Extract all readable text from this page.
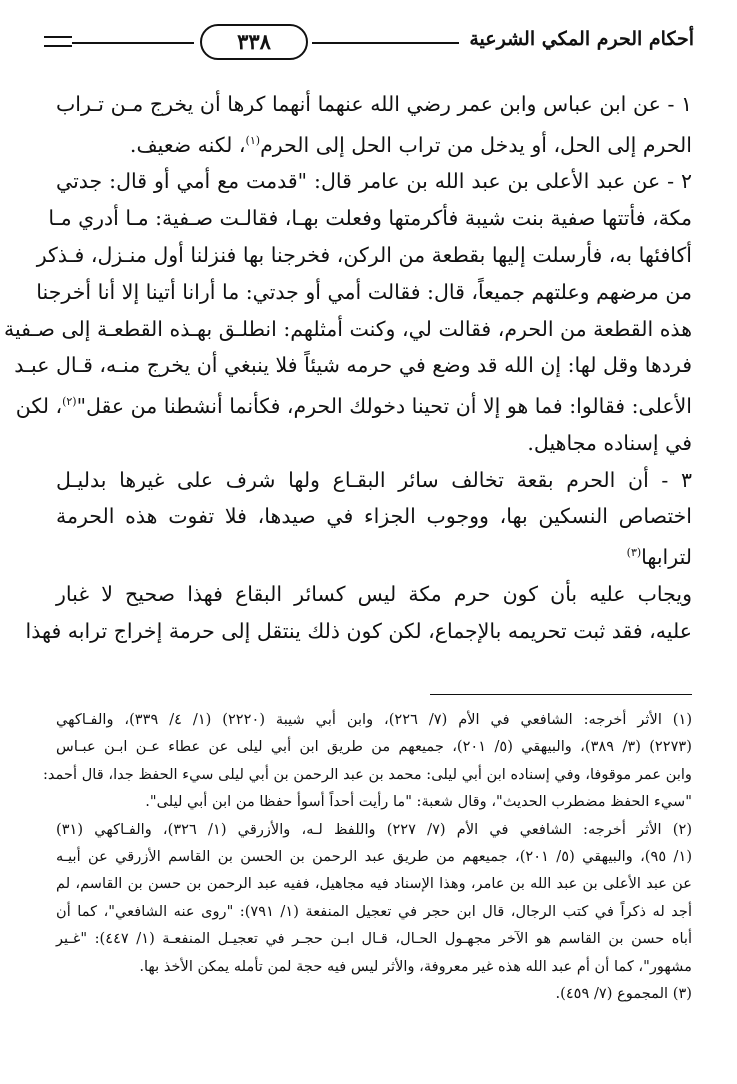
أحكام الحرم المكي الشرعية
٣٣٨
١ - عن ابن عباس وابن عمر رضي الله عنهما أنهما كرها أن يخرج مـن تـراب
الحرم إلى الحل، أو يدخل من تراب الحل إلى الحرم$^{(١)}$، لكنه ضعيف.
٢ - عن عبد الأعلى بن عبد الله بن عامر قال: "قدمت مع أمي أو قال: جدتي
مكة، فأتتها صفية بنت شيبة فأكرمتها وفعلت بهـا، فقالـت صـفية: مـا أدري مـا
أكافئها به، فأرسلت إليها بقطعة من الركن، فخرجنا بها فنزلنا أول منـزل، فـذكر
من مرضهم وعلتهم جميعاً، قال: فقالت أمي أو جدتي: ما أرانا أتينا إلا أنا أخرجنا
هذه القطعة من الحرم، فقالت لي، وكنت أمثلهم: انطلـق بهـذه القطعـة إلى صـفية
فردها وقل لها: إن الله قد وضع في حرمه شيئاً فلا ينبغي أن يخرج منـه، قـال عبـد
الأعلى: فقالوا: فما هو إلا أن تحينا دخولك الحرم، فكأنما أنشطنا من عقل"$^{(٢)}$، لكن
في إسناده مجاهيل.
٣ - أن الحرم بقعة تخالف سائر البقـاع ولها شرف على غيرها بدليـل
اختصاص النسكين بها، ووجوب الجزاء في صيدها، فلا تفوت هذه الحرمة
لترابها$^{(٣)}$
ويجاب عليه بأن كون حرم مكة ليس كسائر البقاع فهذا صحيح لا غبار
عليه، فقد ثبت تحريمه بالإجماع، لكن كون ذلك ينتقل إلى حرمة إخراج ترابه فهذا
(١) الأثر أخرجه: الشافعي في الأم (٧/ ٢٢٦)، وابن أبي شيبة (٢٢٢٠) (١/ ٤/ ٣٣٩)، والفـاكهي
(٢٢٧٣) (٣/ ٣٨٩)، والبيهقي (٥/ ٢٠١)، جميعهم من طريق ابن أبي ليلى عن عطاء عـن ابـن عبـاس
وابن عمر موقوفا، وفي إسناده ابن أبي ليلى: محمد بن عبد الرحمن بن أبي ليلى سيء الحفظ جدا، قال أحمد:
"سيء الحفظ مضطرب الحديث"، وقال شعبة: "ما رأيت أحداً أسوأ حفظا من ابن أبي ليلى".
(٢) الأثر أخرجه: الشافعي في الأم (٧/ ٢٢٧) واللفظ لـه، والأزرقي (١/ ٣٢٦)، والفـاكهي (٣١)
(١/ ٩٥)، والبيهقي (٥/ ٢٠١)، جميعهم من طريق عبد الرحمن بن الحسن بن القاسم الأزرقي عن أبيـه
عن عبد الأعلى بن عبد الله بن عامر، وهذا الإسناد فيه مجاهيل، ففيه عبد الرحمن بن حسن بن القاسم، لم
أجد له ذكراً في كتب الرجال، قال ابن حجر في تعجيل المنفعة (١/ ٧٩١): "روى عنه الشافعي"، كما أن
أباه حسن بن القاسم هو الآخر مجهـول الحـال، قـال ابـن حجـر في تعجيـل المنفعـة (١/ ٤٤٧): "غـير
مشهور"، كما أن أم عبد الله هذه غير معروفة، والأثر ليس فيه حجة لمن تأمله يمكن الأخذ بها.
(٣) المجموع (٧/ ٤٥٩).
